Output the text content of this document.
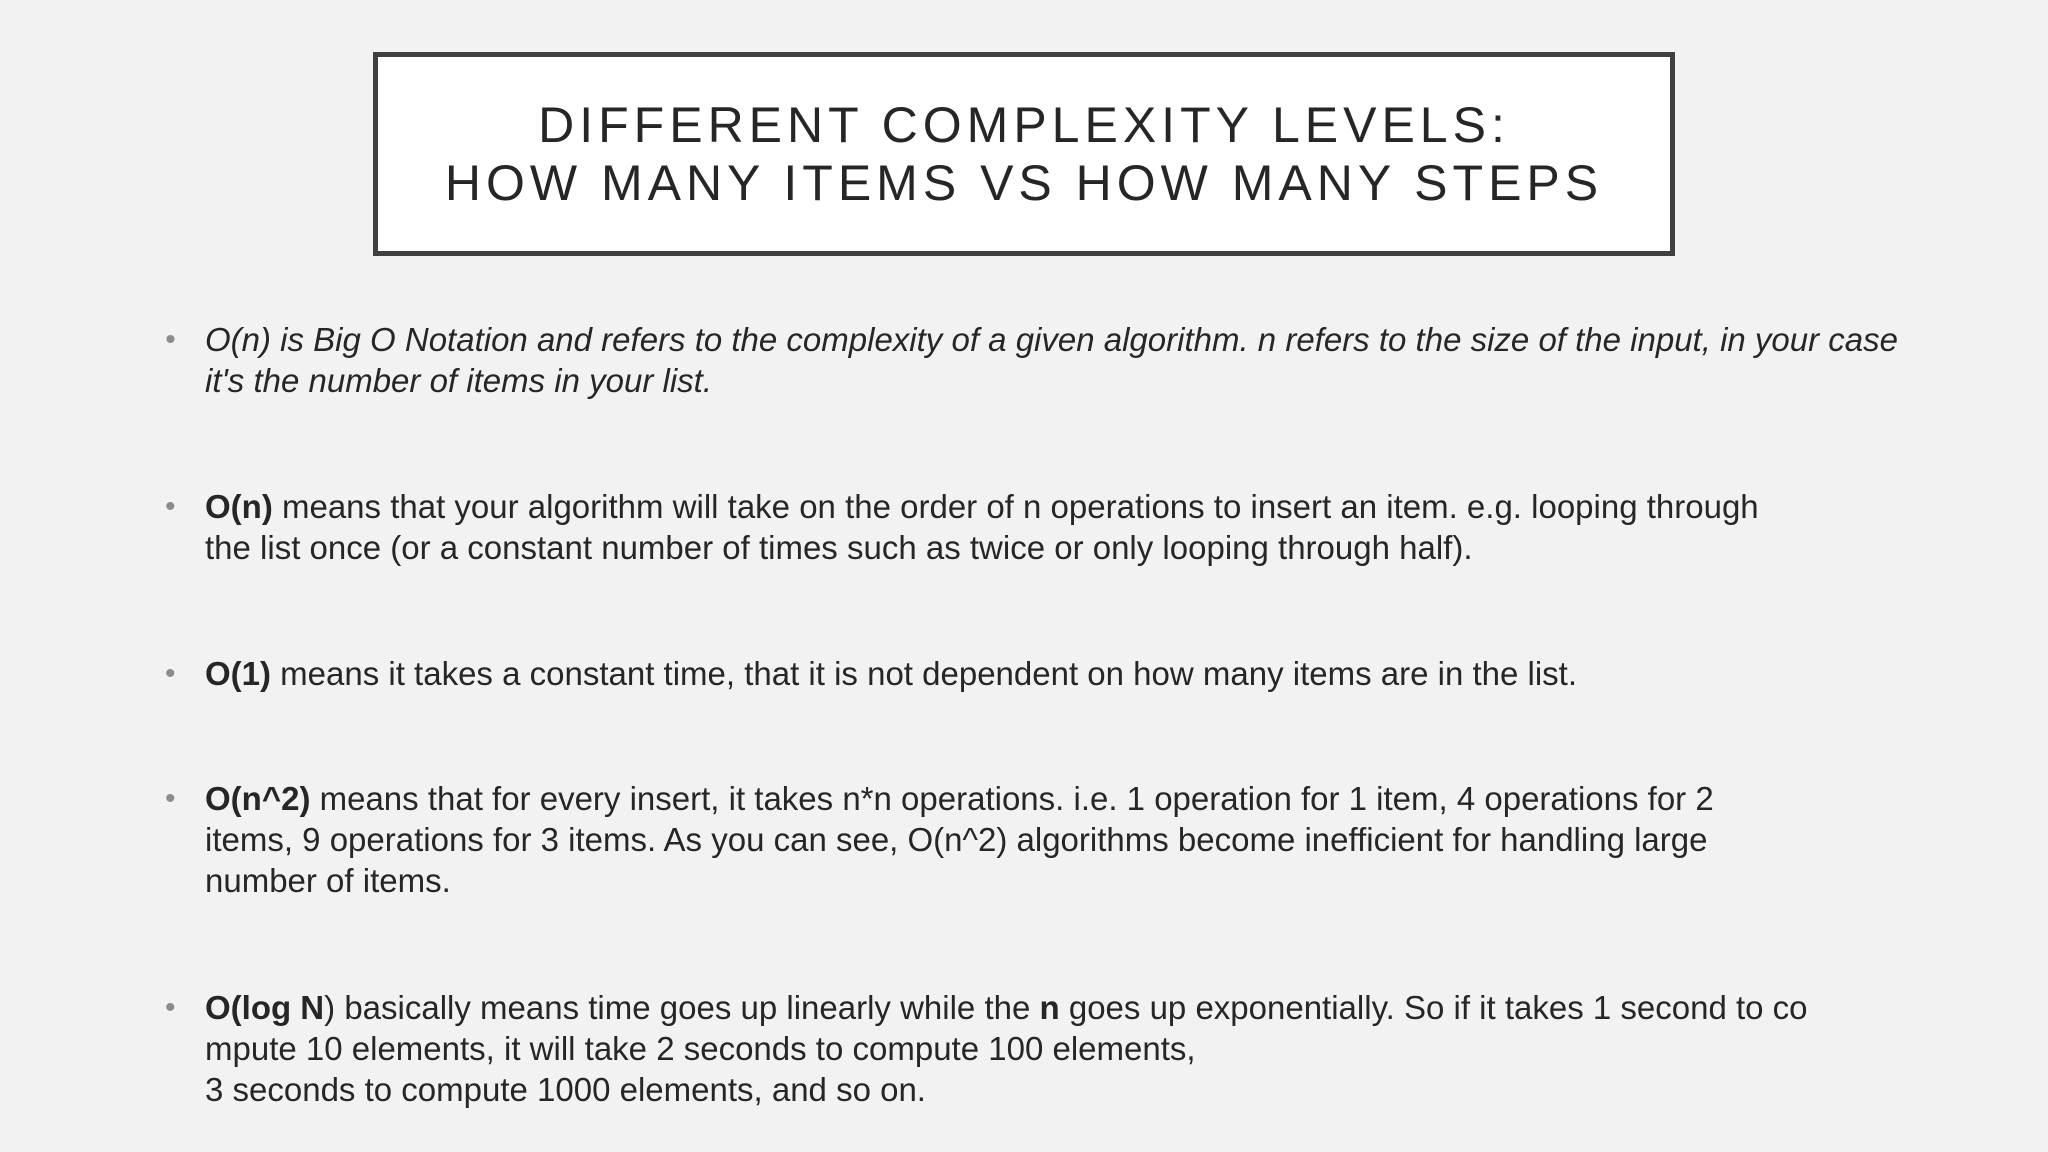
DIFFERENT COMPLEXITY LEVELS:
HOW MANY ITEMS VS HOW MANY STEPS
• O(n) is Big O Notation and refers to the complexity of a given algorithm. n refers to the size of the input, in your case
it's the number of items in your list.
• O(n) means that your algorithm will take on the order of n operations to insert an item. e.g. looping through
the list once (or a constant number of times such as twice or only looping through half).
• O(1) means it takes a constant time, that it is not dependent on how many items are in the list.
• O(n^2) means that for every insert, it takes n*n operations. i.e. 1 operation for 1 item, 4 operations for 2
items, 9 operations for 3 items. As you can see, O(n^2) algorithms become inefficient for handling large
number of items.
• O(log N) basically means time goes up linearly while the n goes up exponentially. So if it takes 1 second to co
mpute 10 elements, it will take 2 seconds to compute 100 elements,
3 seconds to compute 1000 elements, and so on.
